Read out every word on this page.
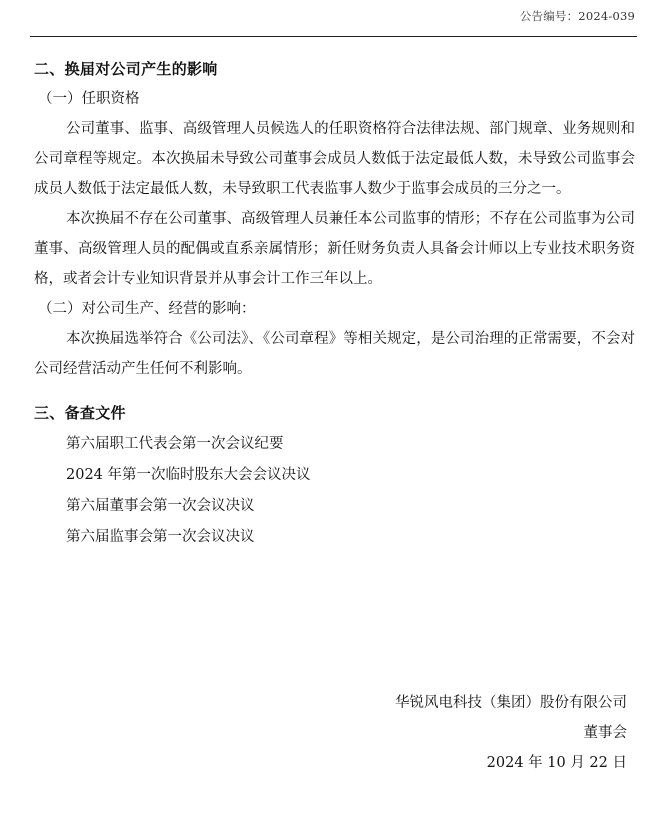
公告编号：2024-039
二、换届对公司产生的影响
（一）任职资格

公司董事、监事、高级管理人员候选人的任职资格符合法律法规、部门规章、业务规则和公司章程等规定。本次换届未导致公司董事会成员人数低于法定最低人数，未导致公司监事会成员人数低于法定最低人数，未导致职工代表监事人数少于监事会成员的三分之一。

本次换届不存在公司董事、高级管理人员兼任本公司监事的情形；不存在公司监事为公司董事、高级管理人员的配偶或直系亲属情形；新任财务负责人具备会计师以上专业技术职务资格，或者会计专业知识背景并从事会计工作三年以上。

（二）对公司生产、经营的影响：

本次换届选举符合《公司法》、《公司章程》等相关规定，是公司治理的正常需要，不会对公司经营活动产生任何不利影响。

三、备查文件
第六届职工代表会第一次会议纪要
2024 年第一次临时股东大会会议决议
第六届董事会第一次会议决议
第六届监事会第一次会议决议
华锐风电科技（集团）股份有限公司
董事会
2024 年 10 月 22 日
